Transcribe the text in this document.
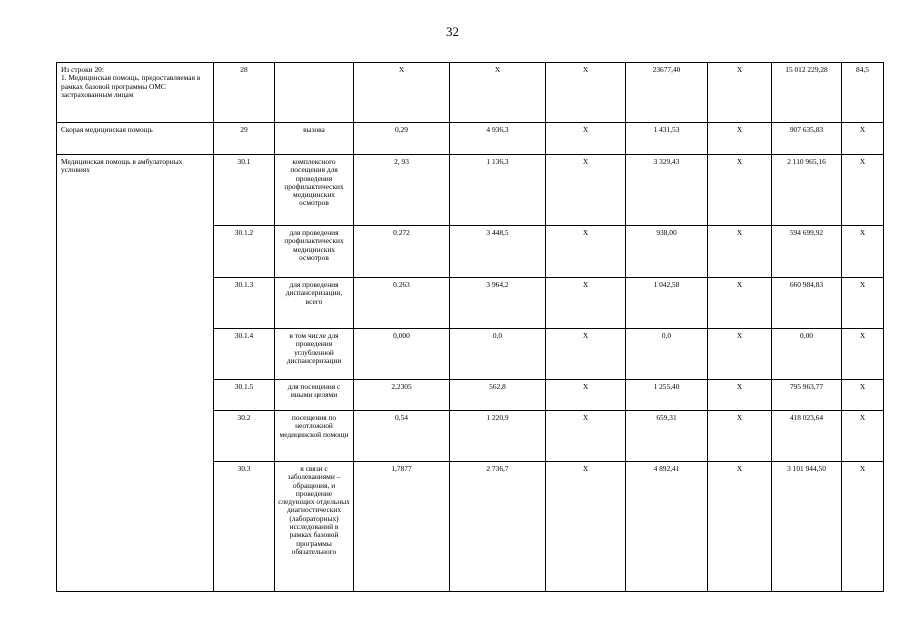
32
Из строки 20:
1. Медицинская помощь, предоставляемая в рамках базовой программы ОМС застрахованным лицам	28		X	X	X	23677,40	X	15 012 229,28	84,5
Скорая медицинская помощь	29	вызова	0,29	4 936,3	X	1 431,53	X	907 635,83	X
Медицинская помощь в амбулаторных условиях	30.1	комплексного посещения для проведения профилактических медицинских осмотров	2, 93	1 136,3	X	3 329,43	X	2 110 965,16	X
	30.1.2	для проведения профилактических медицинских осмотров	0.272	3 448,5	X	938,00	X	594 699,92	X
	30.1.3	для проведения диспансеризации, всего	0.263	3 964,2	X	1 042,58	X	660 984,83	X
	30.1.4	в том числе для проведения углубленной диспансеризации	0,000	0,0	X	0,0	X	0,00	X
	30.1.5	для посещения с иными целями	2,2305	562,8	X	1 255,40	X	795 963,77	X
	30.2	посещения по неотложной медицинской помощи	0,54	1 220,9	X	659,31	X	418 023,64	X
	30.3	в связи с заболеваниями – обращения, и проведение следующих отдельных диагностических (лабораторных) исследований в рамках базовой программы обязательного	1,7877	2 736,7	X	4 892,41	X	3 101 944,50	X
